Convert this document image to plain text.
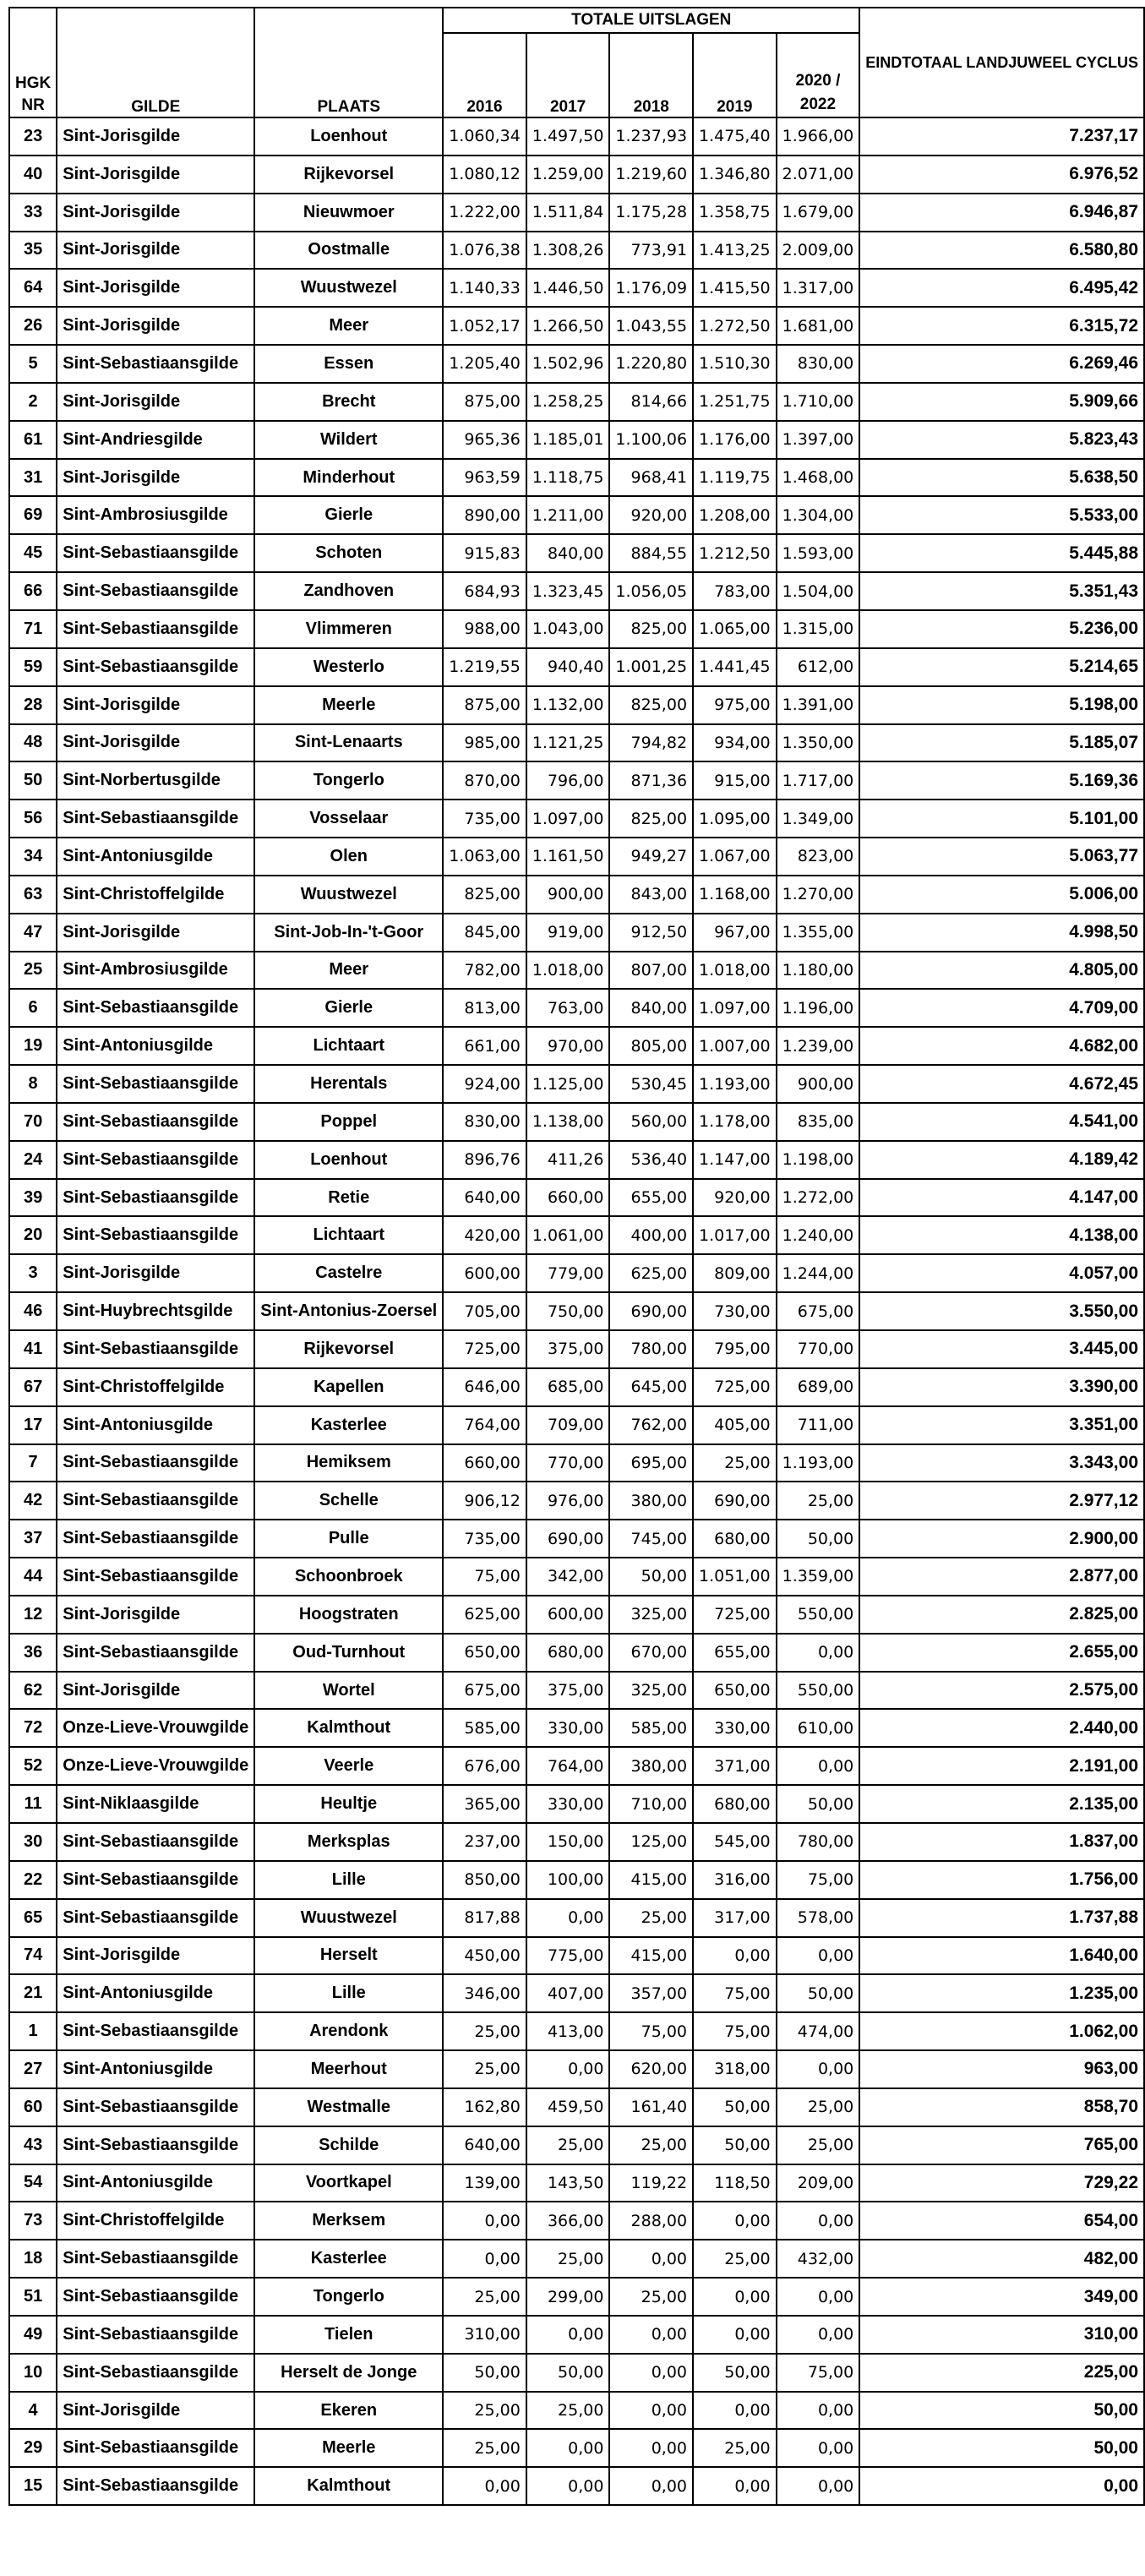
HGK NR	GILDE	PLAATS	TOTALE UITSLAGEN					EINDTOTAAL LANDJUWEEL CYCLUS
			2016	2017	2018	2019	2020 / 2022	
23	Sint-Jorisgilde	Loenhout	1.060,34	1.497,50	1.237,93	1.475,40	1.966,00	7.237,17
40	Sint-Jorisgilde	Rijkevorsel	1.080,12	1.259,00	1.219,60	1.346,80	2.071,00	6.976,52
33	Sint-Jorisgilde	Nieuwmoer	1.222,00	1.511,84	1.175,28	1.358,75	1.679,00	6.946,87
35	Sint-Jorisgilde	Oostmalle	1.076,38	1.308,26	773,91	1.413,25	2.009,00	6.580,80
64	Sint-Jorisgilde	Wuustwezel	1.140,33	1.446,50	1.176,09	1.415,50	1.317,00	6.495,42
26	Sint-Jorisgilde	Meer	1.052,17	1.266,50	1.043,55	1.272,50	1.681,00	6.315,72
5	Sint-Sebastiaansgilde	Essen	1.205,40	1.502,96	1.220,80	1.510,30	830,00	6.269,46
2	Sint-Jorisgilde	Brecht	875,00	1.258,25	814,66	1.251,75	1.710,00	5.909,66
61	Sint-Andriesgilde	Wildert	965,36	1.185,01	1.100,06	1.176,00	1.397,00	5.823,43
31	Sint-Jorisgilde	Minderhout	963,59	1.118,75	968,41	1.119,75	1.468,00	5.638,50
69	Sint-Ambrosiusgilde	Gierle	890,00	1.211,00	920,00	1.208,00	1.304,00	5.533,00
45	Sint-Sebastiaansgilde	Schoten	915,83	840,00	884,55	1.212,50	1.593,00	5.445,88
66	Sint-Sebastiaansgilde	Zandhoven	684,93	1.323,45	1.056,05	783,00	1.504,00	5.351,43
71	Sint-Sebastiaansgilde	Vlimmeren	988,00	1.043,00	825,00	1.065,00	1.315,00	5.236,00
59	Sint-Sebastiaansgilde	Westerlo	1.219,55	940,40	1.001,25	1.441,45	612,00	5.214,65
28	Sint-Jorisgilde	Meerle	875,00	1.132,00	825,00	975,00	1.391,00	5.198,00
48	Sint-Jorisgilde	Sint-Lenaarts	985,00	1.121,25	794,82	934,00	1.350,00	5.185,07
50	Sint-Norbertusgilde	Tongerlo	870,00	796,00	871,36	915,00	1.717,00	5.169,36
56	Sint-Sebastiaansgilde	Vosselaar	735,00	1.097,00	825,00	1.095,00	1.349,00	5.101,00
34	Sint-Antoniusgilde	Olen	1.063,00	1.161,50	949,27	1.067,00	823,00	5.063,77
63	Sint-Christoffelgilde	Wuustwezel	825,00	900,00	843,00	1.168,00	1.270,00	5.006,00
47	Sint-Jorisgilde	Sint-Job-In-'t-Goor	845,00	919,00	912,50	967,00	1.355,00	4.998,50
25	Sint-Ambrosiusgilde	Meer	782,00	1.018,00	807,00	1.018,00	1.180,00	4.805,00
6	Sint-Sebastiaansgilde	Gierle	813,00	763,00	840,00	1.097,00	1.196,00	4.709,00
19	Sint-Antoniusgilde	Lichtaart	661,00	970,00	805,00	1.007,00	1.239,00	4.682,00
8	Sint-Sebastiaansgilde	Herentals	924,00	1.125,00	530,45	1.193,00	900,00	4.672,45
70	Sint-Sebastiaansgilde	Poppel	830,00	1.138,00	560,00	1.178,00	835,00	4.541,00
24	Sint-Sebastiaansgilde	Loenhout	896,76	411,26	536,40	1.147,00	1.198,00	4.189,42
39	Sint-Sebastiaansgilde	Retie	640,00	660,00	655,00	920,00	1.272,00	4.147,00
20	Sint-Sebastiaansgilde	Lichtaart	420,00	1.061,00	400,00	1.017,00	1.240,00	4.138,00
3	Sint-Jorisgilde	Castelre	600,00	779,00	625,00	809,00	1.244,00	4.057,00
46	Sint-Huybrechtsgilde	Sint-Antonius-Zoersel	705,00	750,00	690,00	730,00	675,00	3.550,00
41	Sint-Sebastiaansgilde	Rijkevorsel	725,00	375,00	780,00	795,00	770,00	3.445,00
67	Sint-Christoffelgilde	Kapellen	646,00	685,00	645,00	725,00	689,00	3.390,00
17	Sint-Antoniusgilde	Kasterlee	764,00	709,00	762,00	405,00	711,00	3.351,00
7	Sint-Sebastiaansgilde	Hemiksem	660,00	770,00	695,00	25,00	1.193,00	3.343,00
42	Sint-Sebastiaansgilde	Schelle	906,12	976,00	380,00	690,00	25,00	2.977,12
37	Sint-Sebastiaansgilde	Pulle	735,00	690,00	745,00	680,00	50,00	2.900,00
44	Sint-Sebastiaansgilde	Schoonbroek	75,00	342,00	50,00	1.051,00	1.359,00	2.877,00
12	Sint-Jorisgilde	Hoogstraten	625,00	600,00	325,00	725,00	550,00	2.825,00
36	Sint-Sebastiaansgilde	Oud-Turnhout	650,00	680,00	670,00	655,00	0,00	2.655,00
62	Sint-Jorisgilde	Wortel	675,00	375,00	325,00	650,00	550,00	2.575,00
72	Onze-Lieve-Vrouwgilde	Kalmthout	585,00	330,00	585,00	330,00	610,00	2.440,00
52	Onze-Lieve-Vrouwgilde	Veerle	676,00	764,00	380,00	371,00	0,00	2.191,00
11	Sint-Niklaasgilde	Heultje	365,00	330,00	710,00	680,00	50,00	2.135,00
30	Sint-Sebastiaansgilde	Merksplas	237,00	150,00	125,00	545,00	780,00	1.837,00
22	Sint-Sebastiaansgilde	Lille	850,00	100,00	415,00	316,00	75,00	1.756,00
65	Sint-Sebastiaansgilde	Wuustwezel	817,88	0,00	25,00	317,00	578,00	1.737,88
74	Sint-Jorisgilde	Herselt	450,00	775,00	415,00	0,00	0,00	1.640,00
21	Sint-Antoniusgilde	Lille	346,00	407,00	357,00	75,00	50,00	1.235,00
1	Sint-Sebastiaansgilde	Arendonk	25,00	413,00	75,00	75,00	474,00	1.062,00
27	Sint-Antoniusgilde	Meerhout	25,00	0,00	620,00	318,00	0,00	963,00
60	Sint-Sebastiaansgilde	Westmalle	162,80	459,50	161,40	50,00	25,00	858,70
43	Sint-Sebastiaansgilde	Schilde	640,00	25,00	25,00	50,00	25,00	765,00
54	Sint-Antoniusgilde	Voortkapel	139,00	143,50	119,22	118,50	209,00	729,22
73	Sint-Christoffelgilde	Merksem	0,00	366,00	288,00	0,00	0,00	654,00
18	Sint-Sebastiaansgilde	Kasterlee	0,00	25,00	0,00	25,00	432,00	482,00
51	Sint-Sebastiaansgilde	Tongerlo	25,00	299,00	25,00	0,00	0,00	349,00
49	Sint-Sebastiaansgilde	Tielen	310,00	0,00	0,00	0,00	0,00	310,00
10	Sint-Sebastiaansgilde	Herselt de Jonge	50,00	50,00	0,00	50,00	75,00	225,00
4	Sint-Jorisgilde	Ekeren	25,00	25,00	0,00	0,00	0,00	50,00
29	Sint-Sebastiaansgilde	Meerle	25,00	0,00	0,00	25,00	0,00	50,00
15	Sint-Sebastiaansgilde	Kalmthout	0,00	0,00	0,00	0,00	0,00	0,00
